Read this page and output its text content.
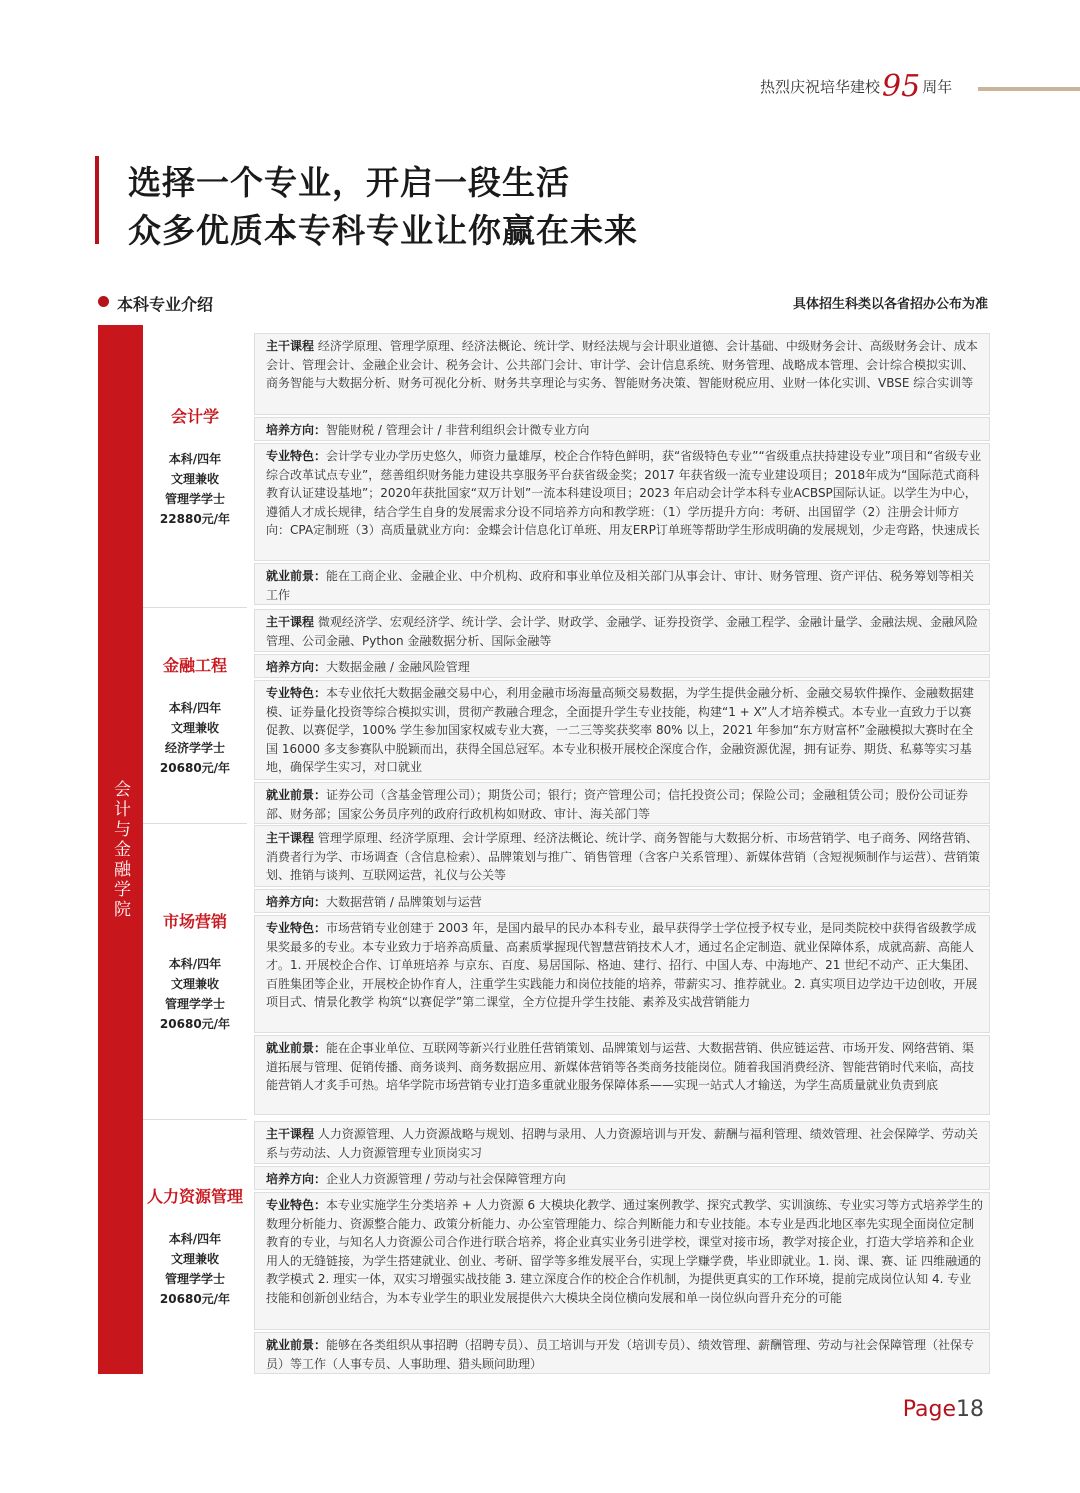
热烈庆祝培华建校95 周年
选择一个专业，开启一段生活
众多优质本专科专业让你赢在未来
本科专业介绍	具体招生科类以各省招办公布为准
会计与金融学院
会计学
本科/四年
文理兼收
管理学学士
22880元/年
主干课程 经济学原理、管理学原理、经济法概论、统计学、财经法规与会计职业道德、会计基础、中级财务会计、高级财务会计、成本会计、管理会计、金融企业会计、税务会计、公共部门会计、审计学、会计信息系统、财务管理、战略成本管理、会计综合模拟实训、商务智能与大数据分析、财务可视化分析、财务共享理论与实务、智能财务决策、智能财税应用、业财一体化实训、VBSE 综合实训等
培养方向：智能财税 / 管理会计 / 非营利组织会计微专业方向
专业特色：会计学专业办学历史悠久，师资力量雄厚，校企合作特色鲜明，获“省级特色专业”“省级重点扶持建设专业”项目和“省级专业综合改革试点专业”，慈善组织财务能力建设共享服务平台获省级金奖；2017 年获省级一流专业建设项目；2018年成为“国际范式商科教育认证建设基地”；2020年获批国家“双万计划”一流本科建设项目；2023 年启动会计学本科专业ACBSP国际认证。以学生为中心，遵循人才成长规律，结合学生自身的发展需求分设不同培养方向和教学班：（1）学历提升方向：考研、出国留学（2）注册会计师方向：CPA定制班（3）高质量就业方向：金蝶会计信息化订单班、用友ERP订单班等帮助学生形成明确的发展规划，少走弯路，快速成长
就业前景：能在工商企业、金融企业、中介机构、政府和事业单位及相关部门从事会计、审计、财务管理、资产评估、税务筹划等相关工作
金融工程
本科/四年
文理兼收
经济学学士
20680元/年
主干课程 微观经济学、宏观经济学、统计学、会计学、财政学、金融学、证券投资学、金融工程学、金融计量学、金融法规、金融风险管理、公司金融、Python 金融数据分析、国际金融等
培养方向：大数据金融 / 金融风险管理
专业特色：本专业依托大数据金融交易中心，利用金融市场海量高频交易数据，为学生提供金融分析、金融交易软件操作、金融数据建模、证券量化投资等综合模拟实训，贯彻产教融合理念，全面提升学生专业技能，构建“1 + X”人才培养模式。本专业一直致力于以赛促教、以赛促学，100% 学生参加国家权威专业大赛，一二三等奖获奖率 80% 以上，2021 年参加“东方财富杯”金融模拟大赛时在全国 16000 多支参赛队中脱颖而出，获得全国总冠军。本专业积极开展校企深度合作，金融资源优渥，拥有证券、期货、私募等实习基地，确保学生实习，对口就业
就业前景：证券公司（含基金管理公司）；期货公司；银行；资产管理公司；信托投资公司；保险公司；金融租赁公司；股份公司证券部、财务部；国家公务员序列的政府行政机构如财政、审计、海关部门等
市场营销
本科/四年
文理兼收
管理学学士
20680元/年
主干课程 管理学原理、经济学原理、会计学原理、经济法概论、统计学、商务智能与大数据分析、市场营销学、电子商务、网络营销、消费者行为学、市场调查（含信息检索）、品牌策划与推广、销售管理（含客户关系管理）、新媒体营销（含短视频制作与运营）、营销策划、推销与谈判、互联网运营，礼仪与公关等
培养方向：大数据营销 / 品牌策划与运营
专业特色：市场营销专业创建于 2003 年，是国内最早的民办本科专业，最早获得学士学位授予权专业，是同类院校中获得省级教学成果奖最多的专业。本专业致力于培养高质量、高素质掌握现代智慧营销技术人才，通过名企定制造、就业保障体系，成就高薪、高能人才。1. 开展校企合作、订单班培养 与京东、百度、易居国际、格迪、建行、招行、中国人寿、中海地产、21 世纪不动产、正大集团、百胜集团等企业，开展校企协作育人，注重学生实践能力和岗位技能的培养，带薪实习、推荐就业。2. 真实项目边学边干边创收，开展项目式、情景化教学 构筑“以赛促学”第二课堂，全方位提升学生技能、素养及实战营销能力
就业前景：能在企事业单位、互联网等新兴行业胜任营销策划、品牌策划与运营、大数据营销、供应链运营、市场开发、网络营销、渠道拓展与管理、促销传播、商务谈判、商务数据应用、新媒体营销等各类商务技能岗位。随着我国消费经济、智能营销时代来临，高技能营销人才炙手可热。培华学院市场营销专业打造多重就业服务保障体系——实现一站式人才输送，为学生高质量就业负责到底
人力资源管理
本科/四年
文理兼收
管理学学士
20680元/年
主干课程 人力资源管理、人力资源战略与规划、招聘与录用、人力资源培训与开发、薪酬与福利管理、绩效管理、社会保障学、劳动关系与劳动法、人力资源管理专业顶岗实习
培养方向：企业人力资源管理 / 劳动与社会保障管理方向
专业特色：本专业实施学生分类培养 + 人力资源 6 大模块化教学、通过案例教学、探究式教学、实训演练、专业实习等方式培养学生的数理分析能力、资源整合能力、政策分析能力、办公室管理能力、综合判断能力和专业技能。本专业是西北地区率先实现全面岗位定制教育的专业，与知名人力资源公司合作进行联合培养，将企业真实业务引进学校，课堂对接市场，教学对接企业，打造大学培养和企业用人的无缝链接，为学生搭建就业、创业、考研、留学等多维发展平台，实现上学赚学费，毕业即就业。1. 岗、课、赛、证 四维融通的教学模式 2. 理实一体，双实习增强实战技能 3. 建立深度合作的校企合作机制，为提供更真实的工作环境，提前完成岗位认知 4. 专业技能和创新创业结合，为本专业学生的职业发展提供六大模块全岗位横向发展和单一岗位纵向晋升充分的可能
就业前景：能够在各类组织从事招聘（招聘专员）、员工培训与开发（培训专员）、绩效管理、薪酬管理、劳动与社会保障管理（社保专员）等工作（人事专员、人事助理、猎头顾问助理）
Page18
